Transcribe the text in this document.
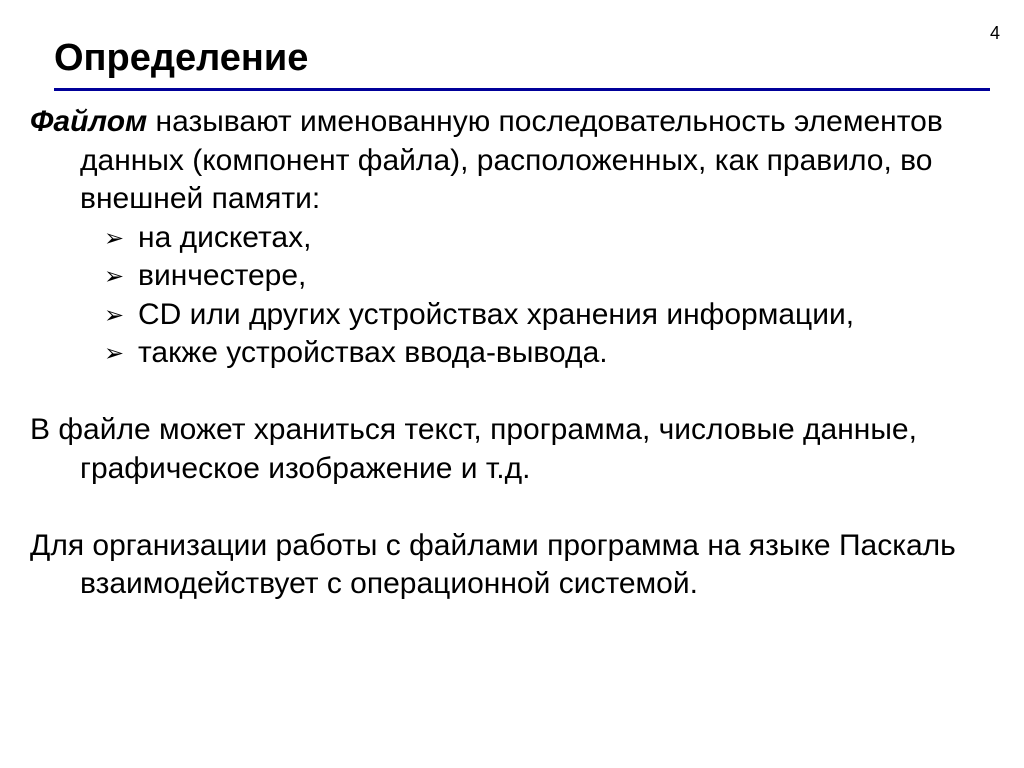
4
Определение

Файлом называют именованную последовательность элементов данных (компонент файла), расположенных, как правило, во внешней памяти:

➢ на дискетах,
➢ винчестере,
➢ CD или других устройствах хранения информации,
➢ также устройствах ввода-вывода.

В файле может храниться текст, программа, числовые данные, графическое изображение и т.д.

Для организации работы с файлами программа на языке Паскаль взаимодействует с операционной системой.
